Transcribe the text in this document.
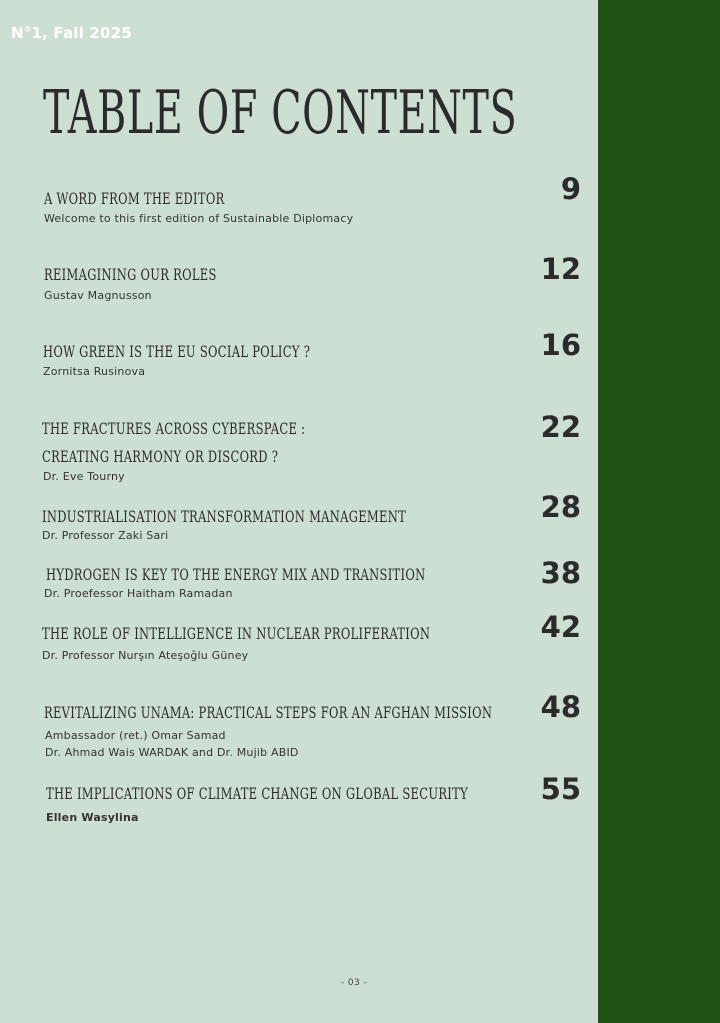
N°1, Fall 2025
TABLE OF CONTENTS
A WORD FROM THE EDITOR
Welcome to this first edition of Sustainable Diplomacy
9
REIMAGINING OUR ROLES
Gustav Magnusson
12
HOW GREEN IS THE EU SOCIAL POLICY ?
Zornitsa Rusinova
16
THE FRACTURES ACROSS CYBERSPACE :
CREATING HARMONY OR DISCORD ?
Dr. Eve Tourny
22
INDUSTRIALISATION TRANSFORMATION MANAGEMENT
Dr. Professor Zaki Sari
28
HYDROGEN IS KEY TO THE ENERGY MIX AND TRANSITION
Dr. Proefessor Haitham Ramadan
38
THE ROLE OF INTELLIGENCE IN NUCLEAR PROLIFERATION
Dr. Professor Nurşın Ateşoğlu Güney
42
REVITALIZING UNAMA: PRACTICAL STEPS FOR AN AFGHAN MISSION
Ambassador (ret.) Omar Samad
Dr. Ahmad Wais WARDAK and Dr. Mujib ABID
48
THE IMPLICATIONS OF CLIMATE CHANGE ON GLOBAL SECURITY
Ellen Wasylina
55
- 03 -
